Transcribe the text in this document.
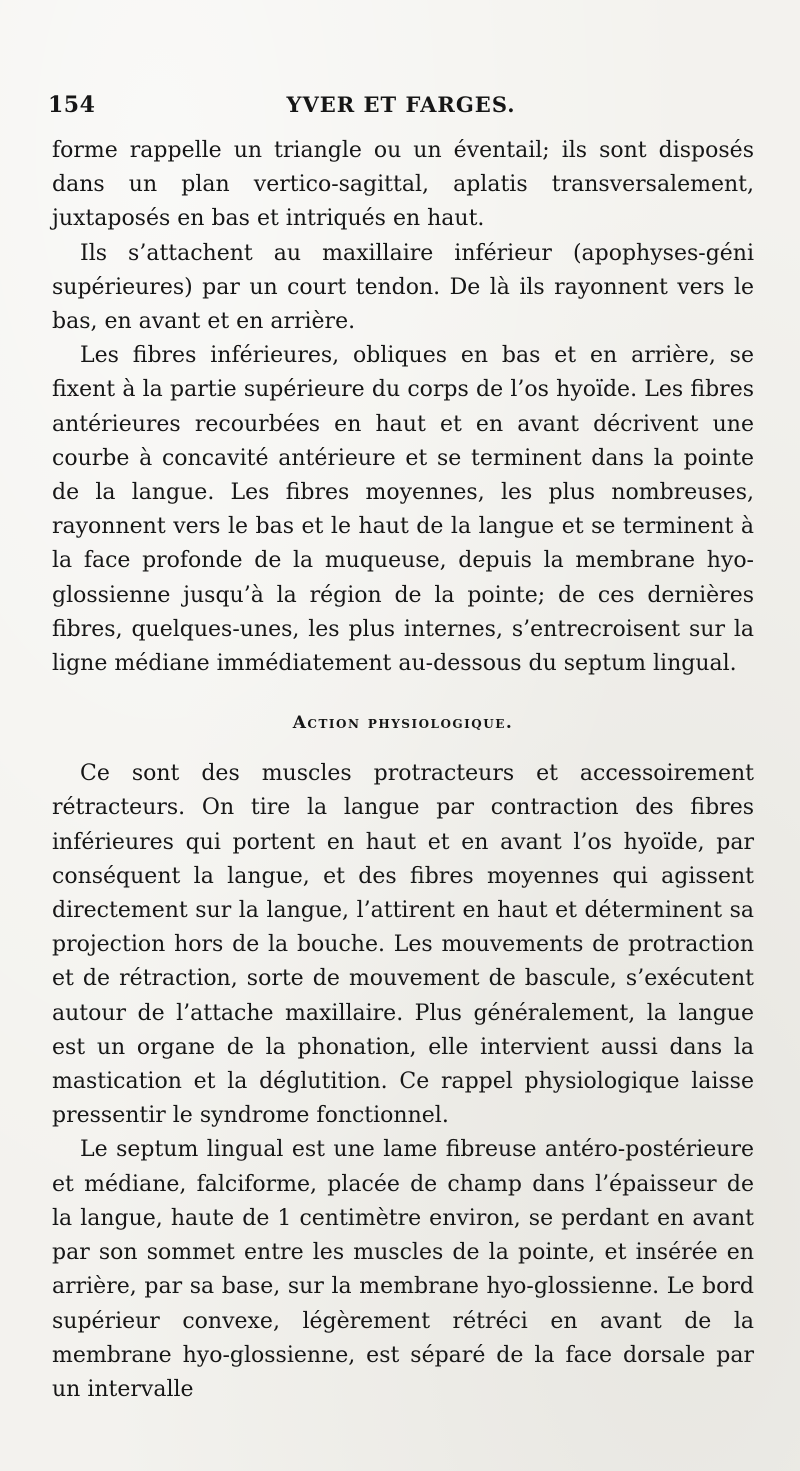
154	YVER ET FARGES.

forme rappelle un triangle ou un éventail; ils sont disposés dans un plan vertico-sagittal, aplatis transversalement, juxtaposés en bas et intriqués en haut.

Ils s’attachent au maxillaire inférieur (apophyses-géni supérieures) par un court tendon. De là ils rayonnent vers le bas, en avant et en arrière.

Les fibres inférieures, obliques en bas et en arrière, se fixent à la partie supérieure du corps de l’os hyoïde. Les fibres antérieures recourbées en haut et en avant décrivent une courbe à concavité antérieure et se terminent dans la pointe de la langue. Les fibres moyennes, les plus nombreuses, rayonnent vers le bas et le haut de la langue et se terminent à la face profonde de la muqueuse, depuis la membrane hyo-glossienne jusqu’à la région de la pointe; de ces dernières fibres, quelques-unes, les plus internes, s’entrecroisent sur la ligne médiane immédiatement au-dessous du septum lingual.

Action physiologique.

Ce sont des muscles protracteurs et accessoirement rétracteurs. On tire la langue par contraction des fibres inférieures qui portent en haut et en avant l’os hyoïde, par conséquent la langue, et des fibres moyennes qui agissent directement sur la langue, l’attirent en haut et déterminent sa projection hors de la bouche. Les mouvements de protraction et de rétraction, sorte de mouvement de bascule, s’exécutent autour de l’attache maxillaire. Plus généralement, la langue est un organe de la phonation, elle intervient aussi dans la mastication et la déglutition. Ce rappel physiologique laisse pressentir le syndrome fonctionnel.

Le septum lingual est une lame fibreuse antéro-postérieure et médiane, falciforme, placée de champ dans l’épaisseur de la langue, haute de 1 centimètre environ, se perdant en avant par son sommet entre les muscles de la pointe, et insérée en arrière, par sa base, sur la membrane hyo-glossienne. Le bord supérieur convexe, légèrement rétréci en avant de la membrane hyo-glossienne, est séparé de la face dorsale par un intervalle
